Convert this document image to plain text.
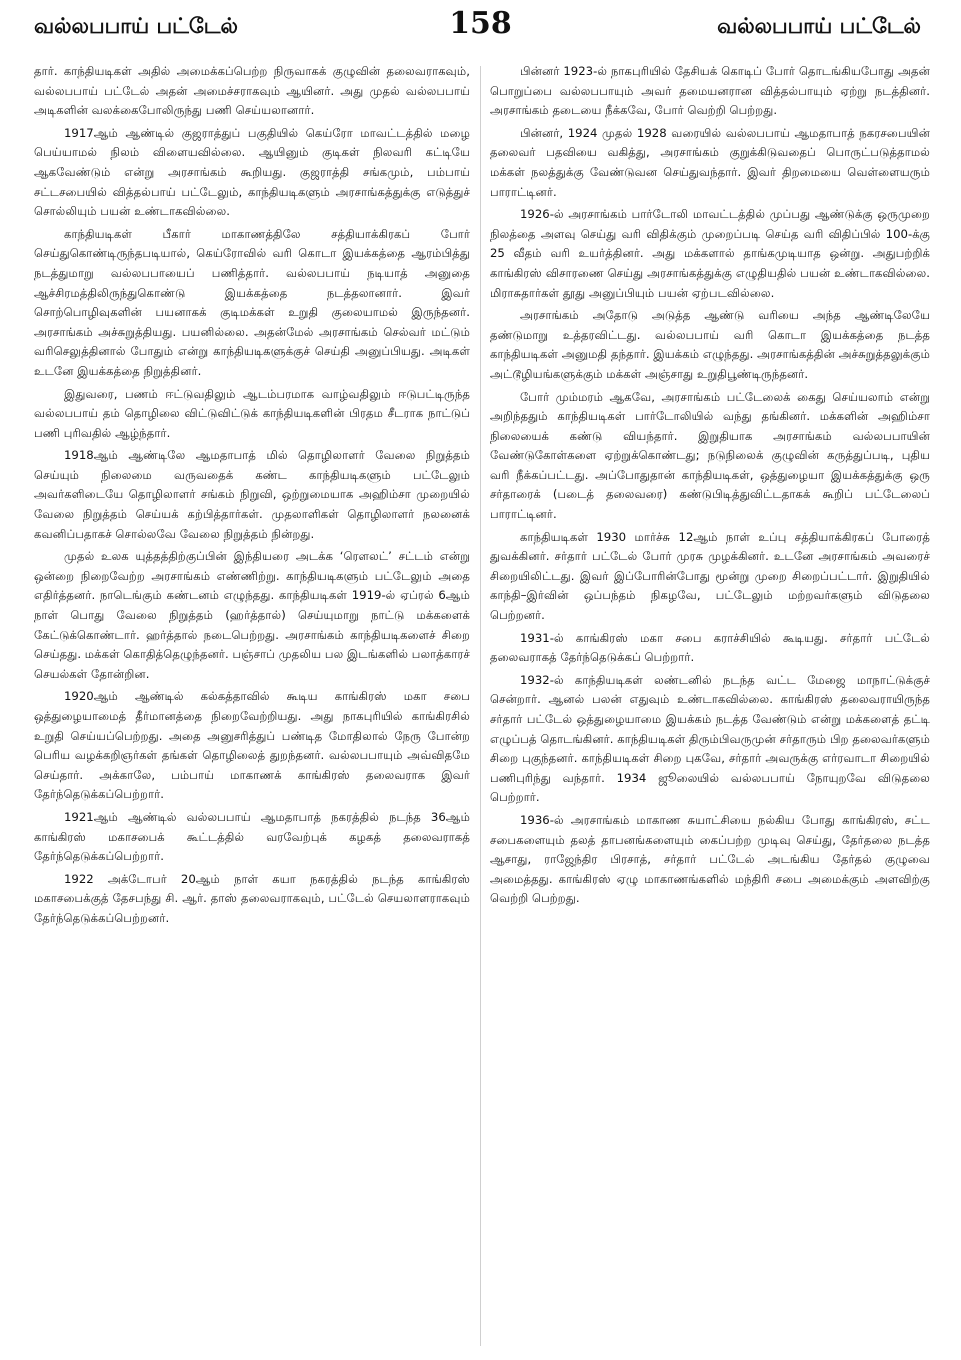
வல்லபபாய் பட்டேல்	158	வல்லபபாய் பட்டேல்

தார். காந்தியடிகள் அதில் அமைக்கப்பெற்ற நிருவாகக் குழுவின் தலைவராகவும், வல்லபபாய் பட்டேல் அதன் அமைச்சராகவும் ஆயினர். அது முதல் வல்லபபாய் அடிகளின் வலக்கைபோலிருந்து பணி செய்யலானார்.

1917ஆம் ஆண்டில் குஜராத்துப் பகுதியில் கெய்ரோ மாவட்டத்தில் மழை பெய்யாமல் நிலம் விளையவில்லை. ஆயினும் குடிகள் நிலவரி கட்டியே ஆகவேண்டும் என்று அரசாங்கம் கூறியது. குஜராத்தி சங்கமும், பம்பாய் சட்டசபையில் வித்தல்பாய் பட்டேலும், காந்தியடிகளும் அரசாங்கத்துக்கு எடுத்துச் சொல்லியும் பயன் உண்டாகவில்லை.

காந்தியடிகள் பீகார் மாகாணத்திலே சத்தியாக்கிரகப் போர் செய்துகொண்டிருந்தபடியால், கெய்ரோவில் வரி கொடா இயக்கத்தை ஆரம்பித்து நடத்துமாறு வல்லபபாயைப் பணித்தார். வல்லபபாய் நடியாத் அனுதை ஆச்சிரமத்திலிருந்துகொண்டு இயக்கத்தை நடத்தலானார். இவர் சொற்பொழிவுகளின் பயனாகக் குடிமக்கள் உறுதி குலையாமல் இருந்தனர். அரசாங்கம் அச்சுறுத்தியது. பயனில்லை. அதன்மேல் அரசாங்கம் செல்வர் மட்டும் வரிசெலுத்தினால் போதும் என்று காந்தியடிகளுக்குச் செய்தி அனுப்பியது. அடிகள் உடனே இயக்கத்தை நிறுத்தினர்.

இதுவரை, பணம் ஈட்டுவதிலும் ஆடம்பரமாக வாழ்வதிலும் ஈடுபட்டிருந்த வல்லபபாய் தம் தொழிலை விட்டுவிட்டுக் காந்தியடிகளின் பிரதம சீடராக நாட்டுப் பணி புரிவதில் ஆழ்ந்தார்.

1918ஆம் ஆண்டிலே ஆமதாபாத் மில் தொழிலாளர் வேலை நிறுத்தம் செய்யும் நிலைமை வருவதைக் கண்ட காந்தியடிகளும் பட்டேலும் அவர்களிடையே தொழிலாளர் சங்கம் நிறுவி, ஒற்றுமையாக அஹிம்சா முறையில் வேலை நிறுத்தம் செய்யக் கற்பித்தார்கள். முதலாளிகள் தொழிலாளர் நலனைக் கவனிப்பதாகச் சொல்லவே வேலை நிறுத்தம் நின்றது.

முதல் உலக யுத்தத்திற்குப்பின் இந்தியரை அடக்க ‘ரௌலட்’ சட்டம் என்று ஒன்றை நிறைவேற்ற அரசாங்கம் எண்ணிற்று. காந்தியடிகளும் பட்டேலும் அதை எதிர்த்தனர். நாடெங்கும் கண்டனம் எழுந்தது. காந்தியடிகள் 1919-ல் ஏப்ரல் 6ஆம் நாள் பொது வேலை நிறுத்தம் (ஹர்த்தால்) செய்யுமாறு நாட்டு மக்களைக் கேட்டுக்கொண்டார். ஹர்த்தால் நடைபெற்றது. அரசாங்கம் காந்தியடிகளைச் சிறை செய்தது. மக்கள் கொதித்தெழுந்தனர். பஞ்சாப் முதலிய பல இடங்களில் பலாத்காரச் செயல்கள் தோன்றின.

1920ஆம் ஆண்டில் கல்கத்தாவில் கூடிய காங்கிரஸ் மகா சபை ஒத்துழையாமைத் தீர்மானத்தை நிறைவேற்றியது. அது நாகபுரியில் காங்கிரசில் உறுதி செய்யப்பெற்றது. அதை அனுசரித்துப் பண்டித மோதிலால் நேரு போன்ற பெரிய வழக்கறிஞர்கள் தங்கள் தொழிலைத் துறந்தனர். வல்லபபாயும் அவ்விதமே செய்தார். அக்காலே, பம்பாய் மாகாணக் காங்கிரஸ் தலைவராக இவர் தேர்ந்தெடுக்கப்பெற்றார்.

1921ஆம் ஆண்டில் வல்லபபாய் ஆமதாபாத் நகரத்தில் நடந்த 36ஆம் காங்கிரஸ் மகாசபைக் கூட்டத்தில் வரவேற்புக் கழகத் தலைவராகத் தேர்ந்தெடுக்கப்பெற்றார்.

1922 அக்டோபர் 20ஆம் நாள் கயா நகரத்தில் நடந்த காங்கிரஸ் மகாசபைக்குத் தேசபந்து சி. ஆர். தாஸ் தலைவராகவும், பட்டேல் செயலாளராகவும் தேர்ந்தெடுக்கப்பெற்றனர்.

பின்னர் 1923-ல் நாகபுரியில் தேசியக் கொடிப் போர் தொடங்கியபோது அதன் பொறுப்பை வல்லபபாயும் அவர் தமையனரான வித்தல்பாயும் ஏற்று நடத்தினர். அரசாங்கம் தடையை நீக்கவே, போர் வெற்றி பெற்றது.

பின்னர், 1924 முதல் 1928 வரையில் வல்லபபாய் ஆமதாபாத் நகரசபையின் தலைவர் பதவியை வகித்து, அரசாங்கம் குறுக்கிடுவதைப் பொருட்படுத்தாமல் மக்கள் நலத்துக்கு வேண்டுவன செய்துவந்தார். இவர் திறமையை வெள்ளையரும் பாராட்டினர்.

1926-ல் அரசாங்கம் பார்டோலி மாவட்டத்தில் முப்பது ஆண்டுக்கு ஒருமுறை நிலத்தை அளவு செய்து வரி விதிக்கும் முறைப்படி செய்த வரி விதிப்பில் 100-க்கு 25 வீதம் வரி உயர்த்தினர். அது மக்களால் தாங்கமுடியாத ஒன்று. அதுபற்றிக் காங்கிரஸ் விசாரணை செய்து அரசாங்கத்துக்கு எழுதியதில் பயன் உண்டாகவில்லை. மிராசுதார்கள் தூது அனுப்பியும் பயன் ஏற்படவில்லை.

அரசாங்கம் அதோடு அடுத்த ஆண்டு வரியை அந்த ஆண்டிலேயே தண்டுமாறு உத்தரவிட்டது. வல்லபபாய் வரி கொடா இயக்கத்தை நடத்த காந்தியடிகள் அனுமதி தந்தார். இயக்கம் எழுந்தது. அரசாங்கத்தின் அச்சுறுத்தலுக்கும் அட்டூழியங்களுக்கும் மக்கள் அஞ்சாது உறுதிபூண்டிருந்தனர்.

போர் மும்மரம் ஆகவே, அரசாங்கம் பட்டேலைக் கைது செய்யலாம் என்று அறிந்ததும் காந்தியடிகள் பார்டோலியில் வந்து தங்கினர். மக்களின் அஹிம்சா நிலையைக் கண்டு வியந்தார். இறுதியாக அரசாங்கம் வல்லபபாயின் வேண்டுகோள்களை ஏற்றுக்கொண்டது; நடுநிலைக் குழுவின் கருத்துப்படி, புதிய வரி நீக்கப்பட்டது. அப்போதுதான் காந்தியடிகள், ஒத்துழையா இயக்கத்துக்கு ஒரு சர்தாரைக் (படைத் தலைவரை) கண்டுபிடித்துவிட்டதாகக் கூறிப் பட்டேலைப் பாராட்டினர்.

காந்தியடிகள் 1930 மார்ச்சு 12ஆம் நாள் உப்பு சத்தியாக்கிரகப் போரைத் துவக்கினர். சர்தார் பட்டேல் போர் முரசு முழக்கினர். உடனே அரசாங்கம் அவரைச் சிறையிலிட்டது. இவர் இப்போரின்போது மூன்று முறை சிறைப்பட்டார். இறுதியில் காந்தி–இர்வின் ஒப்பந்தம் நிகழவே, பட்டேலும் மற்றவர்களும் விடுதலை பெற்றனர்.

1931-ல் காங்கிரஸ் மகா சபை கராச்சியில் கூடியது. சர்தார் பட்டேல் தலைவராகத் தேர்ந்தெடுக்கப் பெற்றார்.

1932-ல் காந்தியடிகள் லண்டனில் நடந்த வட்ட மேஜை மாநாட்டுக்குச் சென்றார். ஆனல் பலன் எதுவும் உண்டாகவில்லை. காங்கிரஸ் தலைவராயிருந்த சர்தார் பட்டேல் ஒத்துழையாமை இயக்கம் நடத்த வேண்டும் என்று மக்களைத் தட்டி எழுப்பத் தொடங்கினர். காந்தியடிகள் திரும்பிவருமுன் சர்தாரும் பிற தலைவர்களும் சிறை புகுந்தனர். காந்தியடிகள் சிறை புகவே, சர்தார் அவருக்கு எர்ரவாடா சிறையில் பணிபுரிந்து வந்தார். 1934 ஜூலையில் வல்லபபாய் நோயுறவே விடுதலை பெற்றார்.

1936-ல் அரசாங்கம் மாகாண சுயாட்சியை நல்கிய போது காங்கிரஸ், சட்ட சபைகளையும் தலத் தாபனங்களையும் கைப்பற்ற முடிவு செய்து, தேர்தலை நடத்த ஆசாது, ராஜேந்திர பிரசாத், சர்தார் பட்டேல் அடங்கிய தேர்தல் குழுவை அமைத்தது. காங்கிரஸ் ஏழு மாகாணங்களில் மந்திரி சபை அமைக்கும் அளவிற்கு வெற்றி பெற்றது.
